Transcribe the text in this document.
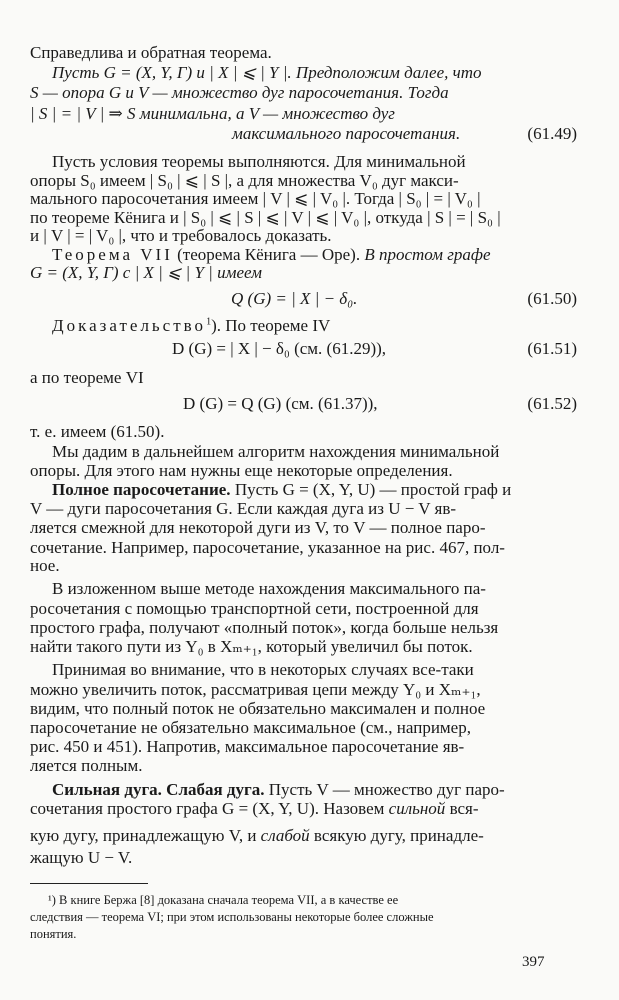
Справедлива и обратная теорема.
Пусть G = (X, Y, Γ) и | X | ⩽ | Y |. Предположим далее, что
S — опора G и V — множество дуг паросочетания. Тогда
| S | = | V | ⇒ S минимальна, а V — множество дуг
максимального паросочетания.	(61.49)
Пусть условия теоремы выполняются. Для минимальной
опоры S₀ имеем | S₀ | ⩽ | S |, а для множества V₀ дуг макси-
мального паросочетания имеем | V | ⩽ | V₀ |. Тогда | S₀ | = | V₀ |
по теореме Кёнига и | S₀ | ⩽ | S | ⩽ | V | ⩽ | V₀ |, откуда | S | = | S₀ |
и | V | = | V₀ |, что и требовалось доказать.
Теорема VII (теорема Кёнига — Оре). В простом графе
G = (X, Y, Γ) с | X | ⩽ | Y | имеем
Q (G) = | X | − δ₀.	(61.50)
Доказательство$^1$). По теореме IV
D (G) = | X | − δ₀ (см. (61.29)),	(61.51)
а по теореме VI
D (G) = Q (G) (см. (61.37)),	(61.52)
т. е. имеем (61.50).
Мы дадим в дальнейшем алгоритм нахождения минимальной
опоры. Для этого нам нужны еще некоторые определения.
Полное паросочетание. Пусть G = (X, Y, U) — простой граф и
V — дуги паросочетания G. Если каждая дуга из U − V яв-
ляется смежной для некоторой дуги из V, то V — полное паро-
сочетание. Например, паросочетание, указанное на рис. 467, пол-
ное.
В изложенном выше методе нахождения максимального па-
росочетания с помощью транспортной сети, построенной для
простого графа, получают «полный поток», когда больше нельзя
найти такого пути из Y₀ в Xₘ₊₁, который увеличил бы поток.
Принимая во внимание, что в некоторых случаях все-таки
можно увеличить поток, рассматривая цепи между Y₀ и Xₘ₊₁,
видим, что полный поток не обязательно максимален и полное
паросочетание не обязательно максимальное (см., например,
рис. 450 и 451). Напротив, максимальное паросочетание яв-
ляется полным.
Сильная дуга. Слабая дуга. Пусть V — множество дуг паро-
сочетания простого графа G = (X, Y, U). Назовем сильной вся-
397
кую дугу, принадлежащую V, и слабой всякую дугу, принадле-
жащую U − V.
¹) В книге Бержа [8] доказана сначала теорема VII, а в качестве ее
следствия — теорема VI; при этом использованы некоторые более сложные
понятия.
